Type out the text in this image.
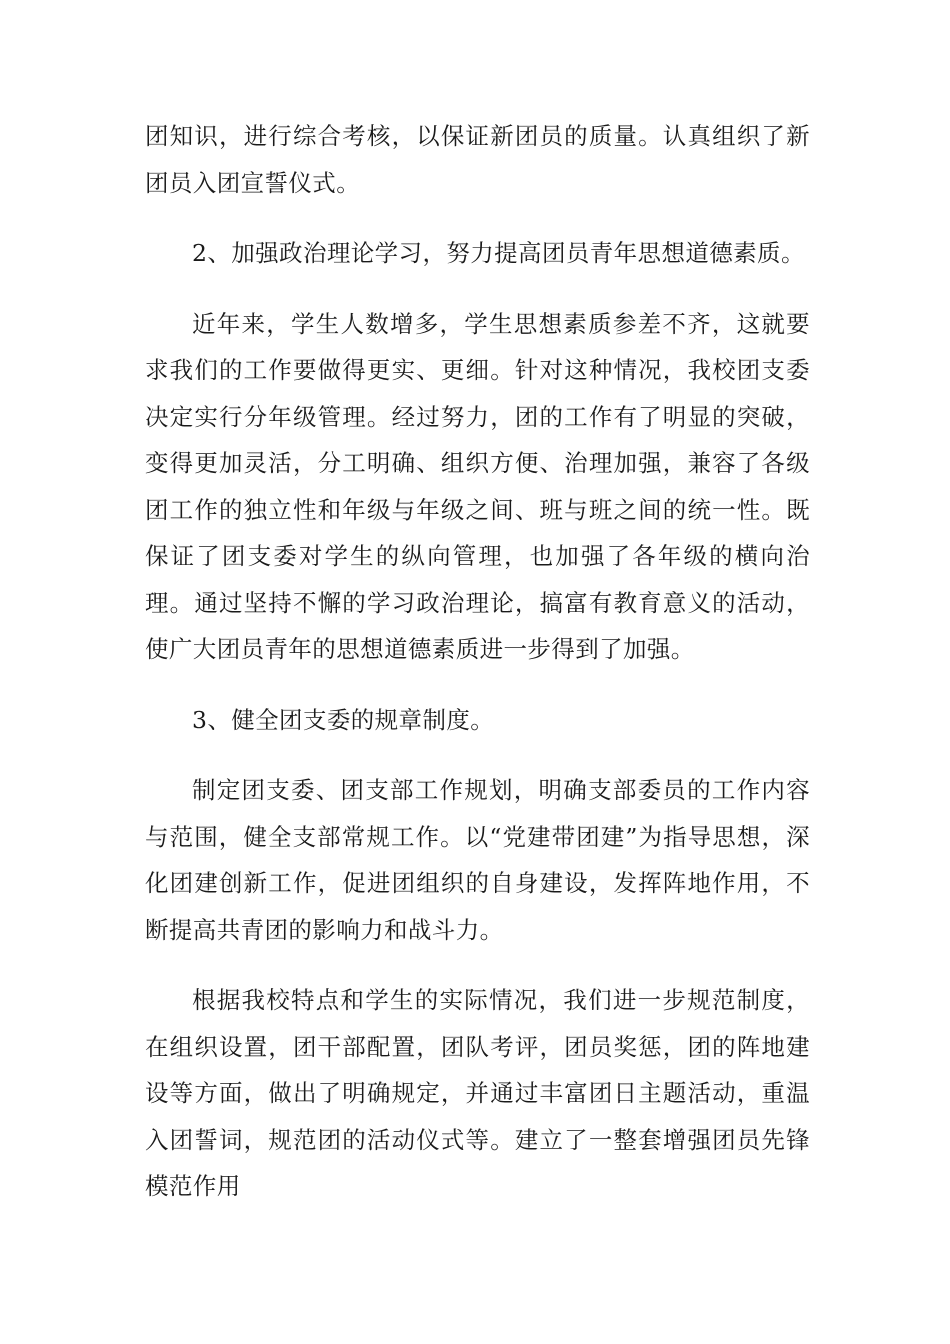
团知识，进行综合考核，以保证新团员的质量。认真组织了新团员入团宣誓仪式。

2、加强政治理论学习，努力提高团员青年思想道德素质。

近年来，学生人数增多，学生思想素质参差不齐，这就要求我们的工作要做得更实、更细。针对这种情况，我校团支委决定实行分年级管理。经过努力，团的工作有了明显的突破，变得更加灵活，分工明确、组织方便、治理加强，兼容了各级团工作的独立性和年级与年级之间、班与班之间的统一性。既保证了团支委对学生的纵向管理，也加强了各年级的横向治理。通过坚持不懈的学习政治理论，搞富有教育意义的活动，使广大团员青年的思想道德素质进一步得到了加强。

3、健全团支委的规章制度。

制定团支委、团支部工作规划，明确支部委员的工作内容与范围，健全支部常规工作。以“党建带团建”为指导思想，深化团建创新工作，促进团组织的自身建设，发挥阵地作用，不断提高共青团的影响力和战斗力。

根据我校特点和学生的实际情况，我们进一步规范制度，在组织设置，团干部配置，团队考评，团员奖惩，团的阵地建设等方面，做出了明确规定，并通过丰富团日主题活动，重温入团誓词，规范团的活动仪式等。建立了一整套增强团员先锋模范作用
